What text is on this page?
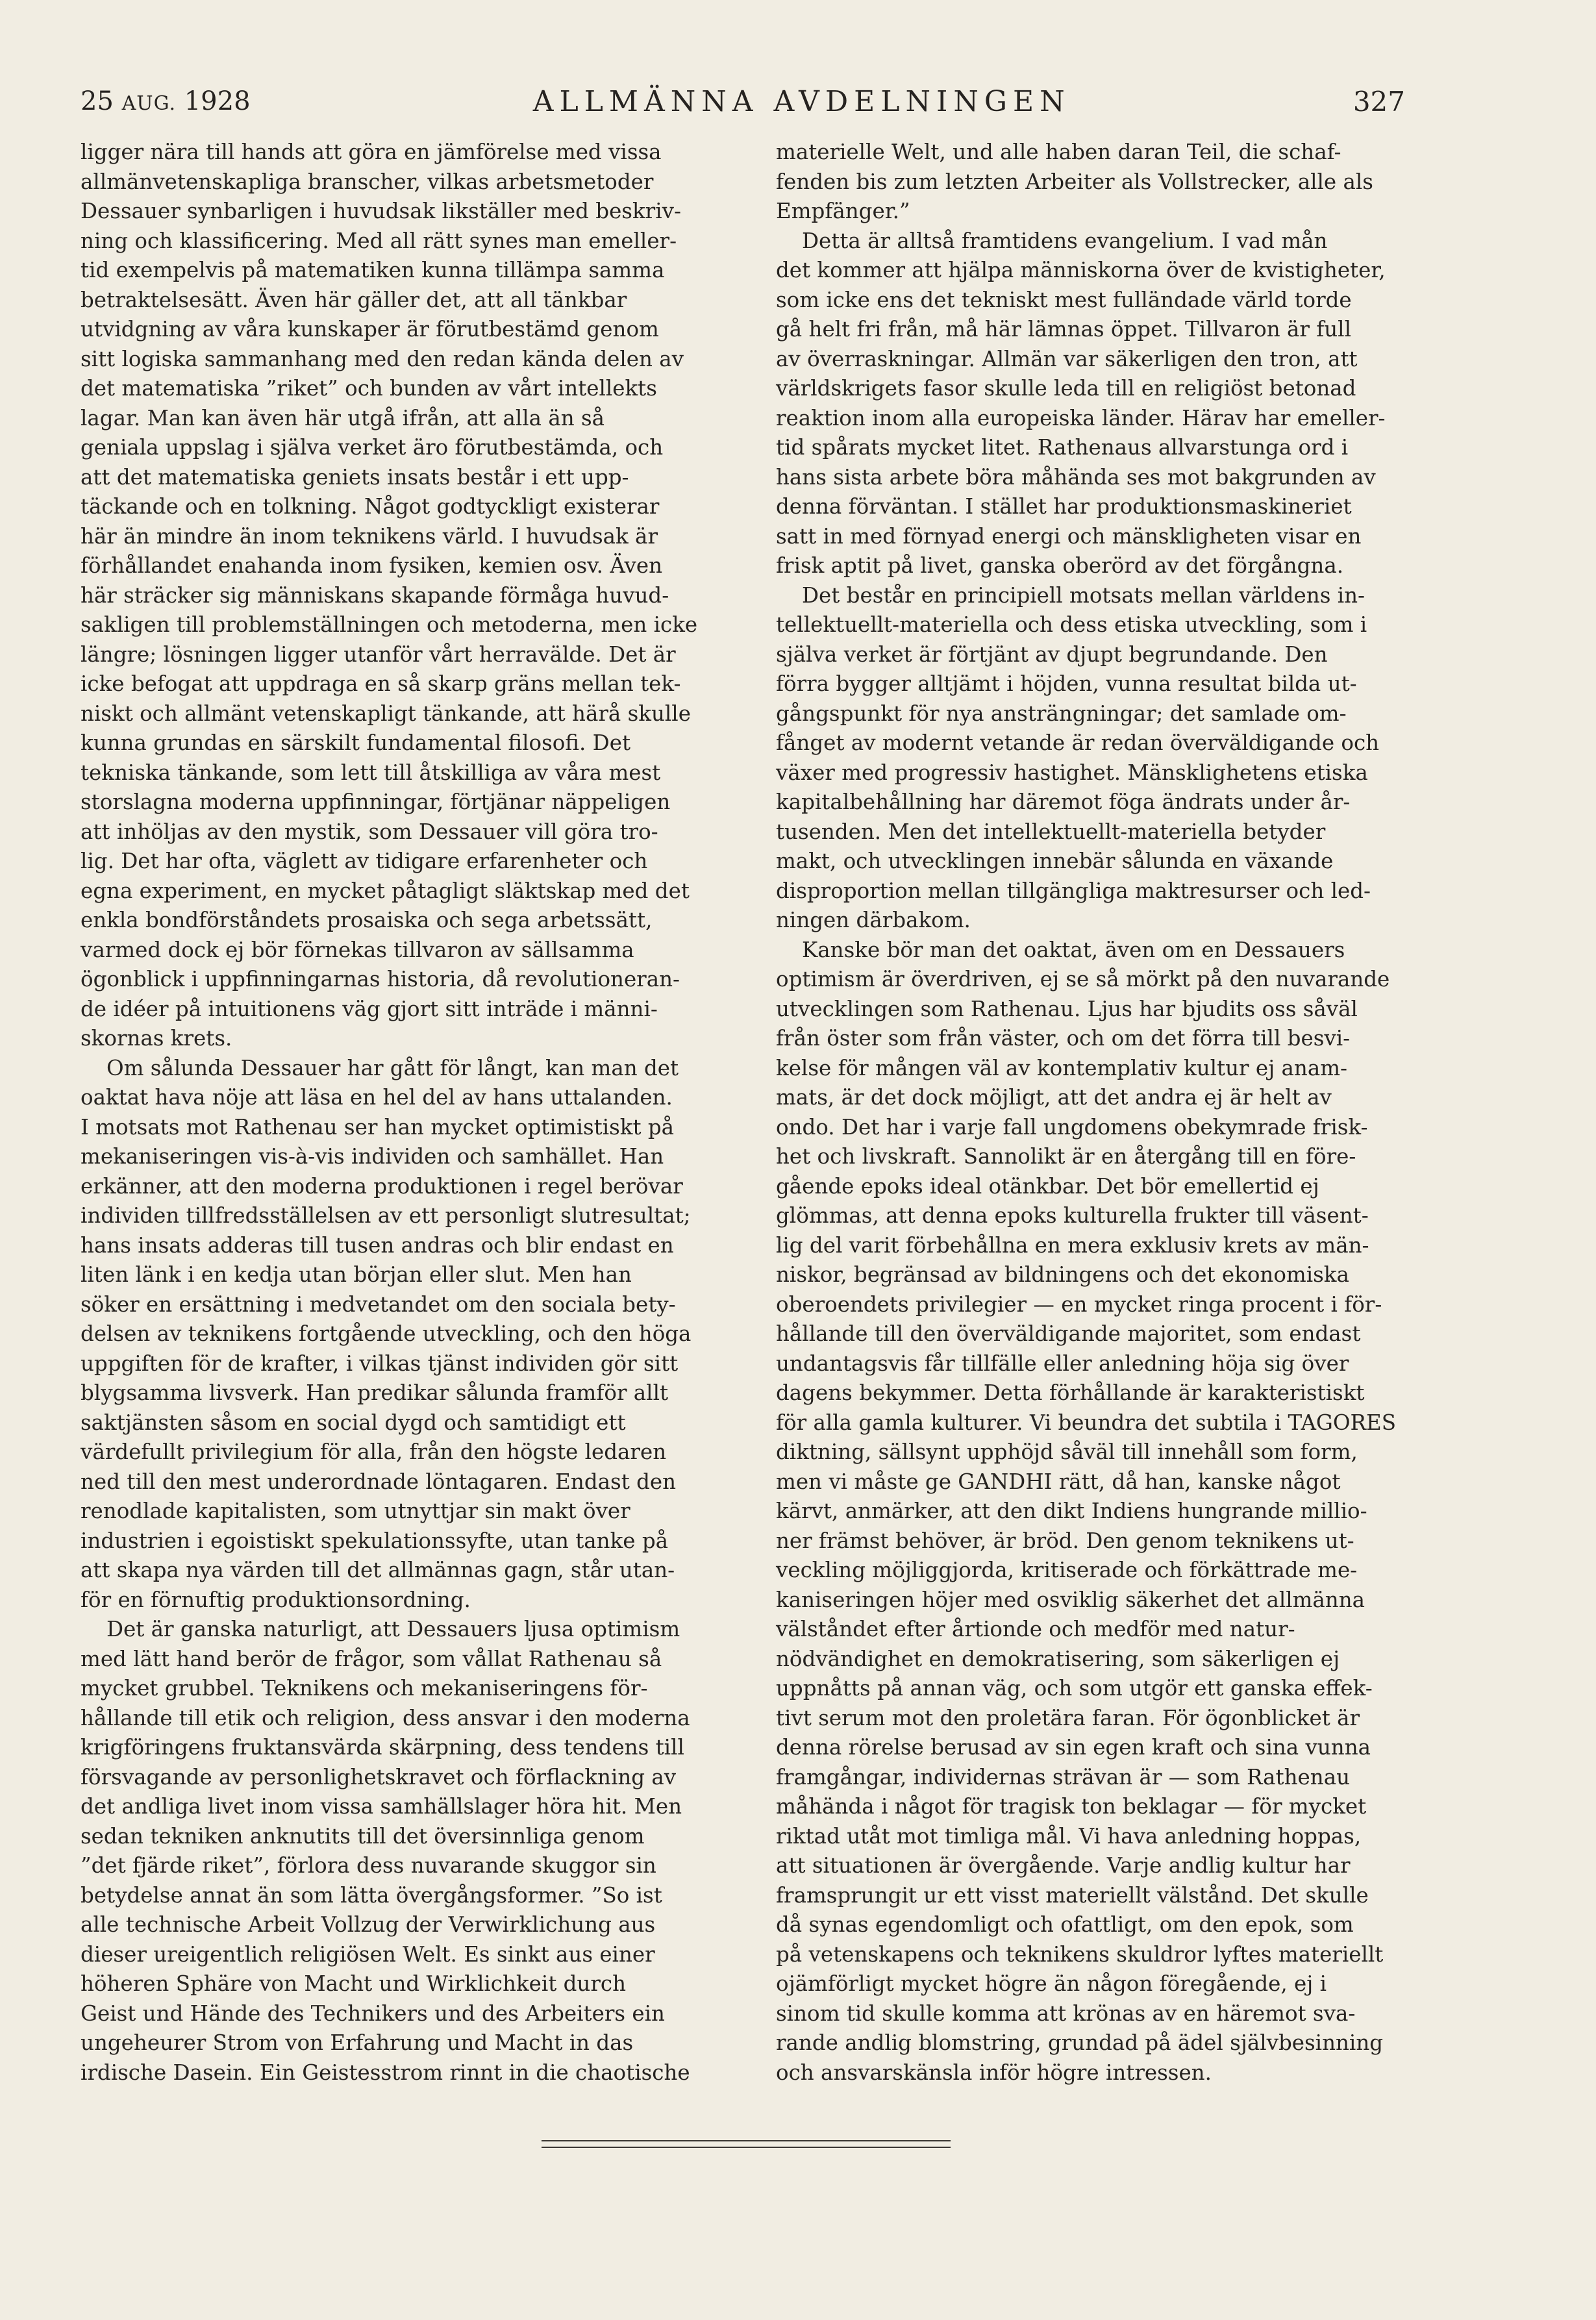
25 AUG. 1928	ALLMÄNNA AVDELNINGEN	327

ligger nära till hands att göra en jämförelse med vissa
allmänvetenskapliga branscher, vilkas arbetsmetoder
Dessauer synbarligen i huvudsak likställer med beskriv-
ning och klassificering. Med all rätt synes man emeller-
tid exempelvis på matematiken kunna tillämpa samma
betraktelsesätt. Även här gäller det, att all tänkbar
utvidgning av våra kunskaper är förutbestämd genom
sitt logiska sammanhang med den redan kända delen av
det matematiska ”riket” och bunden av vårt intellekts
lagar. Man kan även här utgå ifrån, att alla än så
geniala uppslag i själva verket äro förutbestämda, och
att det matematiska geniets insats består i ett upp-
täckande och en tolkning. Något godtyckligt existerar
här än mindre än inom teknikens värld. I huvudsak är
förhållandet enahanda inom fysiken, kemien osv. Även
här sträcker sig människans skapande förmåga huvud-
sakligen till problemställningen och metoderna, men icke
längre; lösningen ligger utanför vårt herravälde. Det är
icke befogat att uppdraga en så skarp gräns mellan tek-
niskt och allmänt vetenskapligt tänkande, att härå skulle
kunna grundas en särskilt fundamental filosofi. Det
tekniska tänkande, som lett till åtskilliga av våra mest
storslagna moderna uppfinningar, förtjänar näppeligen
att inhöljas av den mystik, som Dessauer vill göra tro-
lig. Det har ofta, väglett av tidigare erfarenheter och
egna experiment, en mycket påtagligt släktskap med det
enkla bondförståndets prosaiska och sega arbetssätt,
varmed dock ej bör förnekas tillvaron av sällsamma
ögonblick i uppfinningarnas historia, då revolutioneran-
de idéer på intuitionens väg gjort sitt inträde i männi-
skornas krets.

Om sålunda Dessauer har gått för långt, kan man det
oaktat hava nöje att läsa en hel del av hans uttalanden.
I motsats mot Rathenau ser han mycket optimistiskt på
mekaniseringen vis-à-vis individen och samhället. Han
erkänner, att den moderna produktionen i regel berövar
individen tillfredsställelsen av ett personligt slutresultat;
hans insats adderas till tusen andras och blir endast en
liten länk i en kedja utan början eller slut. Men han
söker en ersättning i medvetandet om den sociala bety-
delsen av teknikens fortgående utveckling, och den höga
uppgiften för de krafter, i vilkas tjänst individen gör sitt
blygsamma livsverk. Han predikar sålunda framför allt
saktjänsten såsom en social dygd och samtidigt ett
värdefullt privilegium för alla, från den högste ledaren
ned till den mest underordnade löntagaren. Endast den
renodlade kapitalisten, som utnyttjar sin makt över
industrien i egoistiskt spekulationssyfte, utan tanke på
att skapa nya värden till det allmännas gagn, står utan-
för en förnuftig produktionsordning.

Det är ganska naturligt, att Dessauers ljusa optimism
med lätt hand berör de frågor, som vållat Rathenau så
mycket grubbel. Teknikens och mekaniseringens för-
hållande till etik och religion, dess ansvar i den moderna
krigföringens fruktansvärda skärpning, dess tendens till
försvagande av personlighetskravet och förflackning av
det andliga livet inom vissa samhällslager höra hit. Men
sedan tekniken anknutits till det översinnliga genom
”det fjärde riket”, förlora dess nuvarande skuggor sin
betydelse annat än som lätta övergångsformer. ”So ist
alle technische Arbeit Vollzug der Verwirklichung aus
dieser ureigentlich religiösen Welt. Es sinkt aus einer
höheren Sphäre von Macht und Wirklichkeit durch
Geist und Hände des Technikers und des Arbeiters ein
ungeheurer Strom von Erfahrung und Macht in das
irdische Dasein. Ein Geistesstrom rinnt in die chaotische

materielle Welt, und alle haben daran Teil, die schaf-
fenden bis zum letzten Arbeiter als Vollstrecker, alle als
Empfänger.”

Detta är alltså framtidens evangelium. I vad mån
det kommer att hjälpa människorna över de kvistigheter,
som icke ens det tekniskt mest fulländade värld torde
gå helt fri från, må här lämnas öppet. Tillvaron är full
av överraskningar. Allmän var säkerligen den tron, att
världskrigets fasor skulle leda till en religiöst betonad
reaktion inom alla europeiska länder. Härav har emeller-
tid spårats mycket litet. Rathenaus allvarstunga ord i
hans sista arbete böra måhända ses mot bakgrunden av
denna förväntan. I stället har produktionsmaskineriet
satt in med förnyad energi och mänskligheten visar en
frisk aptit på livet, ganska oberörd av det förgångna.

Det består en principiell motsats mellan världens in-
tellektuellt-materiella och dess etiska utveckling, som i
själva verket är förtjänt av djupt begrundande. Den
förra bygger alltjämt i höjden, vunna resultat bilda ut-
gångspunkt för nya ansträngningar; det samlade om-
fånget av modernt vetande är redan överväldigande och
växer med progressiv hastighet. Mänsklighetens etiska
kapitalbehållning har däremot föga ändrats under år-
tusenden. Men det intellektuellt-materiella betyder
makt, och utvecklingen innebär sålunda en växande
disproportion mellan tillgängliga maktresurser och led-
ningen därbakom.

Kanske bör man det oaktat, även om en Dessauers
optimism är överdriven, ej se så mörkt på den nuvarande
utvecklingen som Rathenau. Ljus har bjudits oss såväl
från öster som från väster, och om det förra till besvi-
kelse för mången väl av kontemplativ kultur ej anam-
mats, är det dock möjligt, att det andra ej är helt av
ondo. Det har i varje fall ungdomens obekymrade frisk-
het och livskraft. Sannolikt är en återgång till en före-
gående epoks ideal otänkbar. Det bör emellertid ej
glömmas, att denna epoks kulturella frukter till väsent-
lig del varit förbehållna en mera exklusiv krets av män-
niskor, begränsad av bildningens och det ekonomiska
oberoendets privilegier — en mycket ringa procent i för-
hållande till den överväldigande majoritet, som endast
undantagsvis får tillfälle eller anledning höja sig över
dagens bekymmer. Detta förhållande är karakteristiskt
för alla gamla kulturer. Vi beundra det subtila i TAGORES
diktning, sällsynt upphöjd såväl till innehåll som form,
men vi måste ge GANDHI rätt, då han, kanske något
kärvt, anmärker, att den dikt Indiens hungrande millio-
ner främst behöver, är bröd. Den genom teknikens ut-
veckling möjliggjorda, kritiserade och förkättrade me-
kaniseringen höjer med osviklig säkerhet det allmänna
välståndet efter årtionde och medför med natur-
nödvändighet en demokratisering, som säkerligen ej
uppnåtts på annan väg, och som utgör ett ganska effek-
tivt serum mot den proletära faran. För ögonblicket är
denna rörelse berusad av sin egen kraft och sina vunna
framgångar, individernas strävan är — som Rathenau
måhända i något för tragisk ton beklagar — för mycket
riktad utåt mot timliga mål. Vi hava anledning hoppas,
att situationen är övergående. Varje andlig kultur har
framsprungit ur ett visst materiellt välstånd. Det skulle
då synas egendomligt och ofattligt, om den epok, som
på vetenskapens och teknikens skuldror lyftes materiellt
ojämförligt mycket högre än någon föregående, ej i
sinom tid skulle komma att krönas av en häremot sva-
rande andlig blomstring, grundad på ädel självbesinning
och ansvarskänsla inför högre intressen.
